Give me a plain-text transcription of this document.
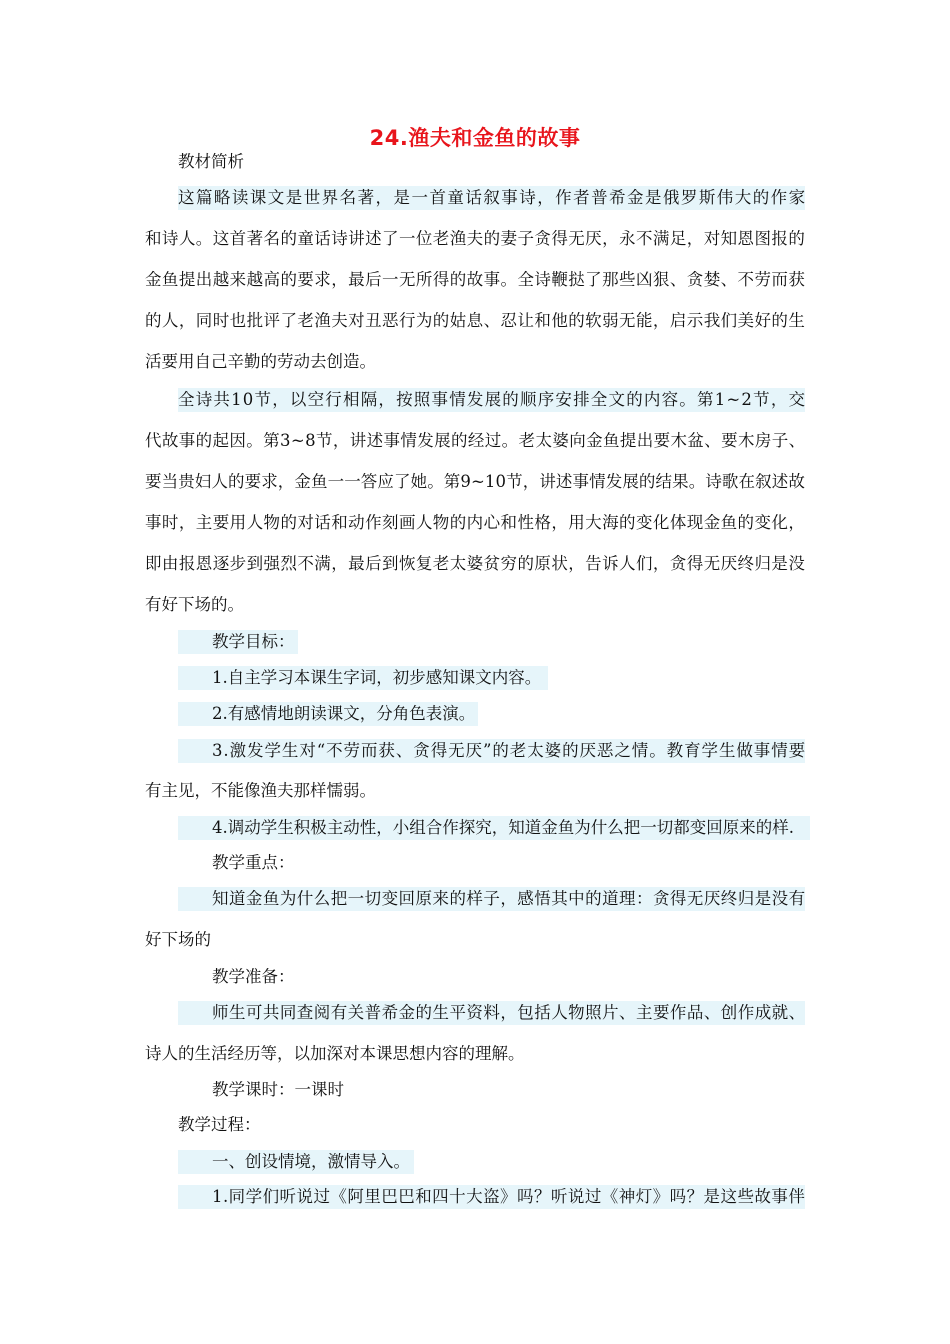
24.渔夫和金鱼的故事
教材简析
这篇略读课文是世界名著，是一首童话叙事诗，作者普希金是俄罗斯伟大的作家
和诗人。这首著名的童话诗讲述了一位老渔夫的妻子贪得无厌，永不满足，对知恩图报的
金鱼提出越来越高的要求，最后一无所得的故事。全诗鞭挞了那些凶狠、贪婪、不劳而获
的人，同时也批评了老渔夫对丑恶行为的姑息、忍让和他的软弱无能，启示我们美好的生
活要用自己辛勤的劳动去创造。
全诗共10节，以空行相隔，按照事情发展的顺序安排全文的内容。第1~2节，交
代故事的起因。第3~8节，讲述事情发展的经过。老太婆向金鱼提出要木盆、要木房子、
要当贵妇人的要求，金鱼一一答应了她。第9~10节，讲述事情发展的结果。诗歌在叙述故
事时，主要用人物的对话和动作刻画人物的内心和性格，用大海的变化体现金鱼的变化，
即由报恩逐步到强烈不满，最后到恢复老太婆贫穷的原状，告诉人们，贪得无厌终归是没
有好下场的。
教学目标：
1.自主学习本课生字词，初步感知课文内容。
2.有感情地朗读课文，分角色表演。
3.激发学生对“不劳而获、贪得无厌”的老太婆的厌恶之情。教育学生做事情要
有主见，不能像渔夫那样懦弱。
4.调动学生积极主动性，小组合作探究，知道金鱼为什么把一切都变回原来的样.
教学重点：
知道金鱼为什么把一切变回原来的样子，感悟其中的道理：贪得无厌终归是没有
好下场的
教学准备：
师生可共同查阅有关普希金的生平资料，包括人物照片、主要作品、创作成就、
诗人的生活经历等，以加深对本课思想内容的理解。
教学课时：一课时
教学过程：
一、创设情境，激情导入。
1.同学们听说过《阿里巴巴和四十大盗》吗？听说过《神灯》吗？是这些故事伴
